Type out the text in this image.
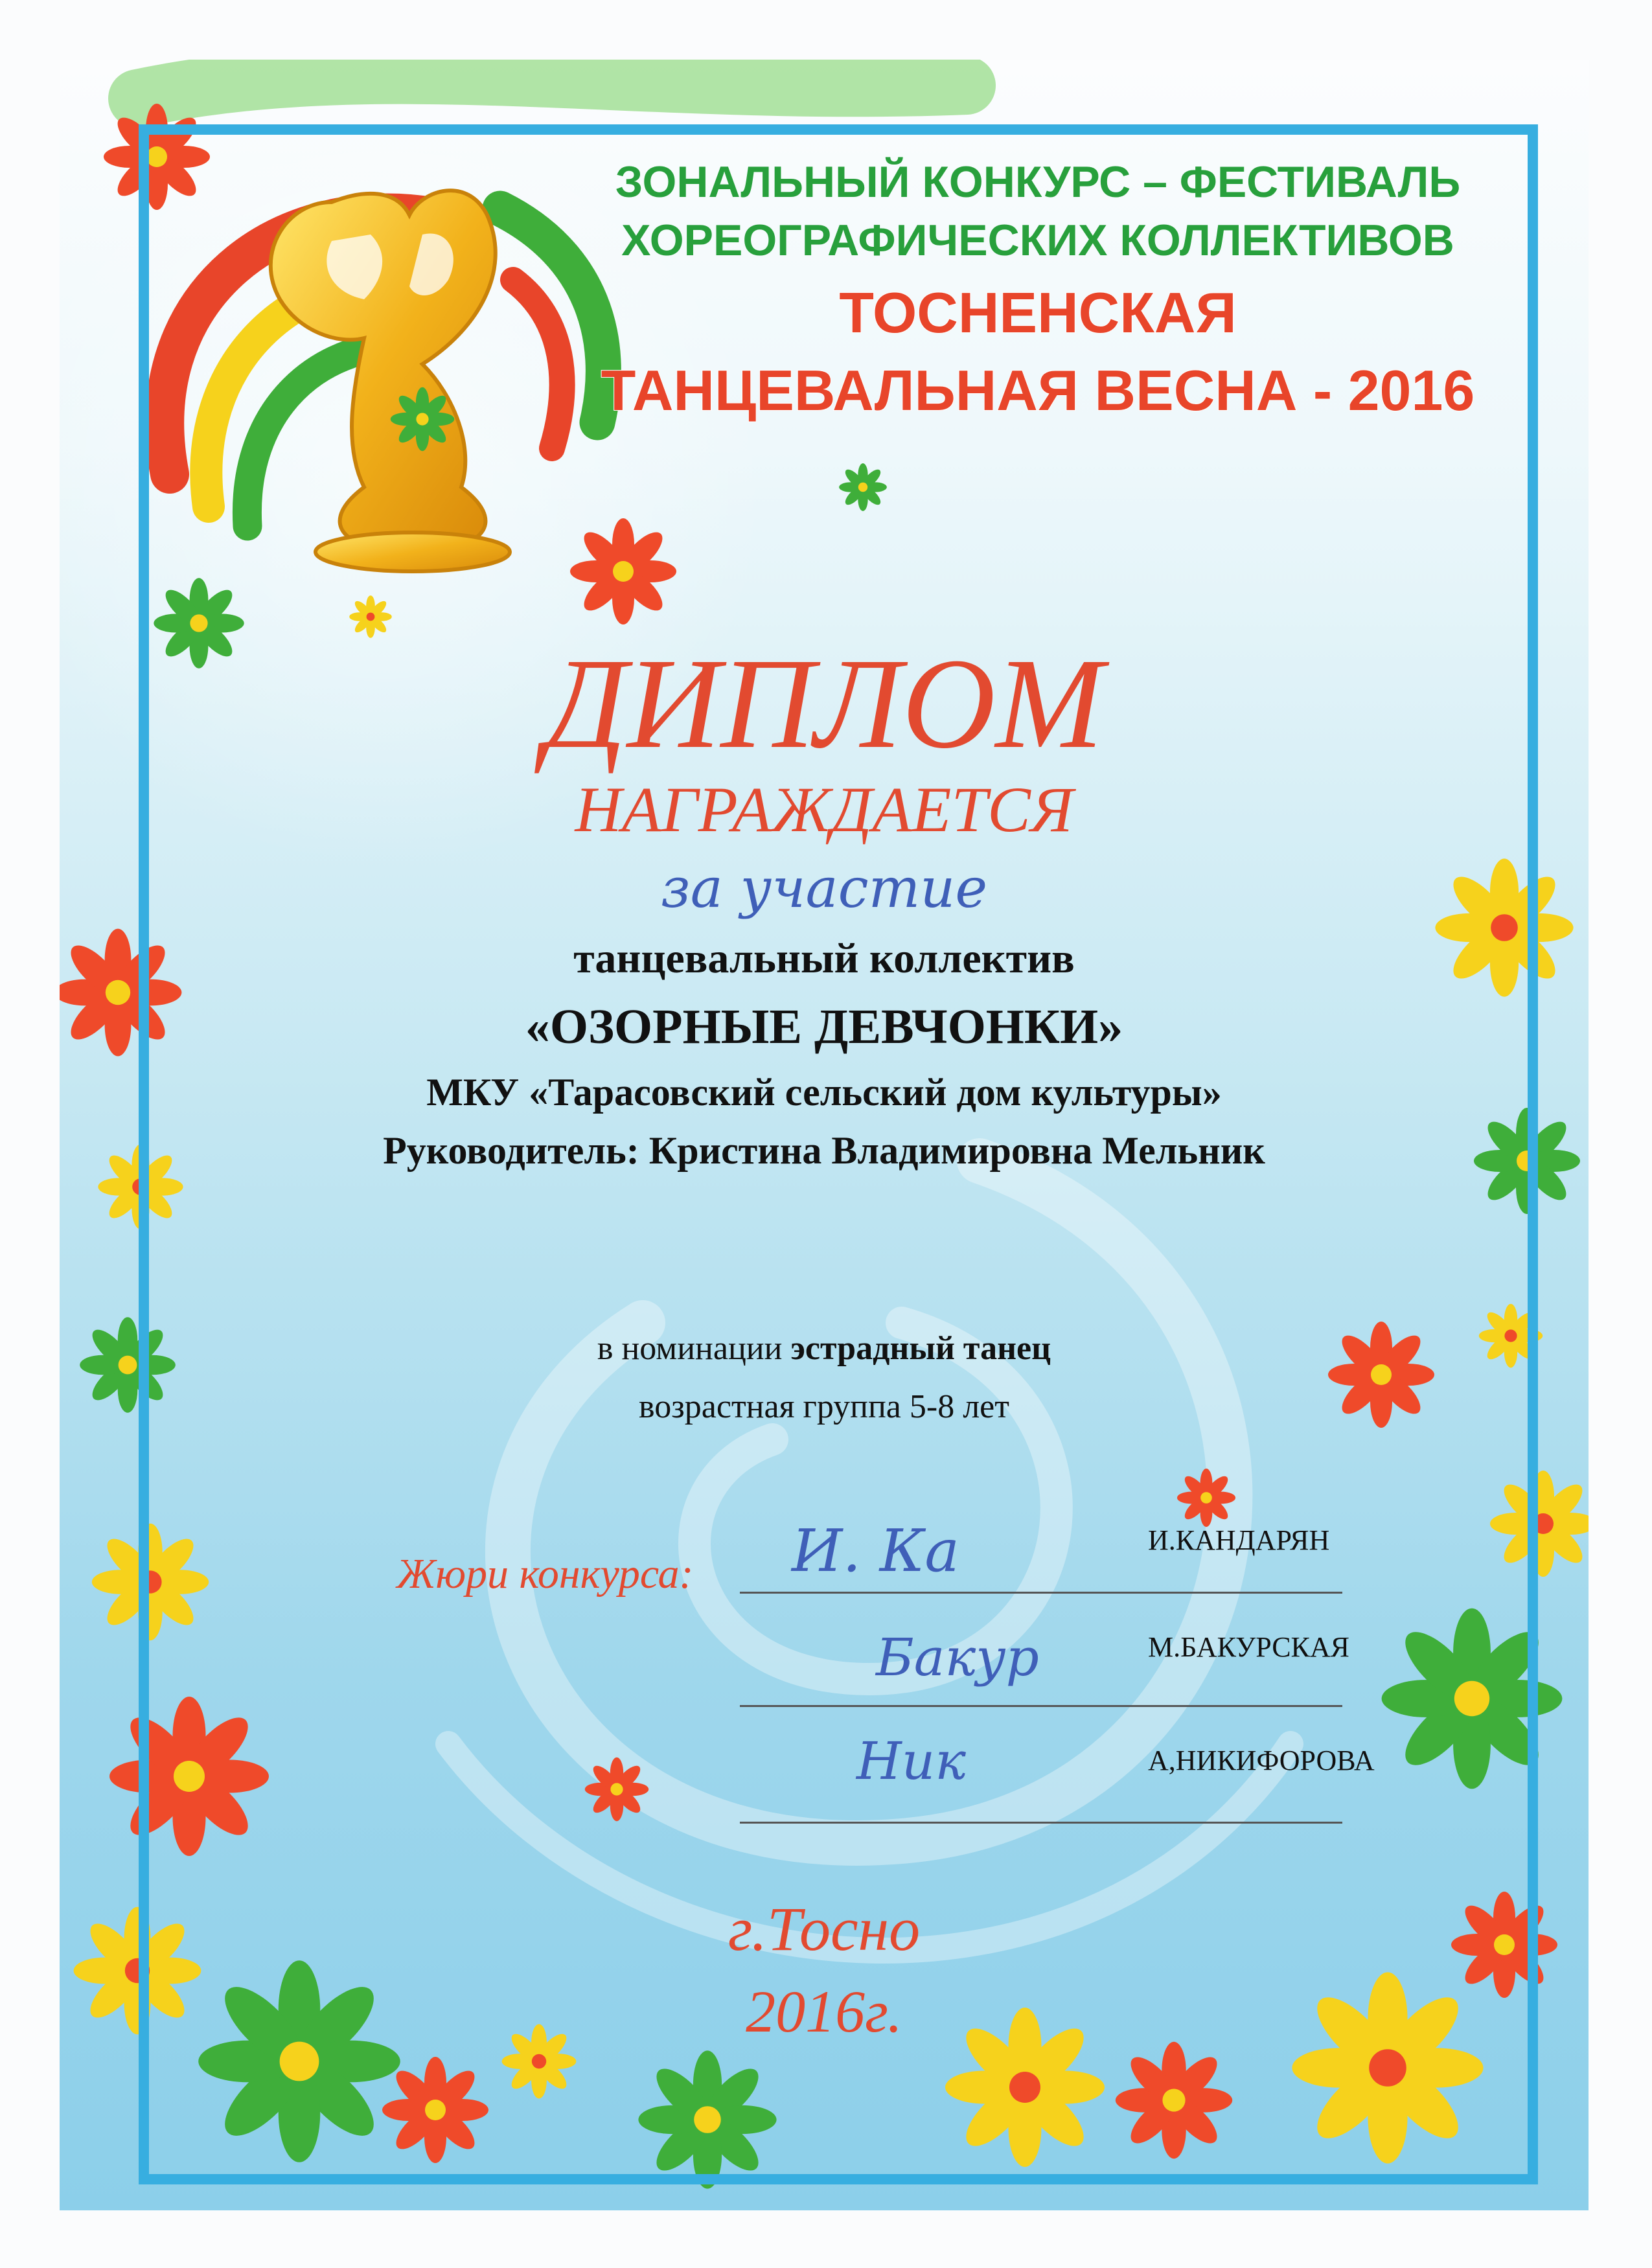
ЗОНАЛЬНЫЙ КОНКУРС – ФЕСТИВАЛЬ
ХОРЕОГРАФИЧЕСКИХ КОЛЛЕКТИВОВ
ТОСНЕНСКАЯ
ТАНЦЕВАЛЬНАЯ ВЕСНА - 2016
ДИПЛОМ
НАГРАЖДАЕТСЯ
за участие
танцевальный коллектив
«ОЗОРНЫЕ ДЕВЧОНКИ»
МКУ «Тарасовский сельский дом культуры»
Руководитель: Кристина Владимировна Мельник
в номинации эстрадный танец
возрастная группа 5-8 лет
Жюри конкурса: И. Ка	И.КАНДАРЯН
Бакур	М.БАКУРСКАЯ
Ник	А,НИКИФОРОВА
г.Тосно
2016г.
